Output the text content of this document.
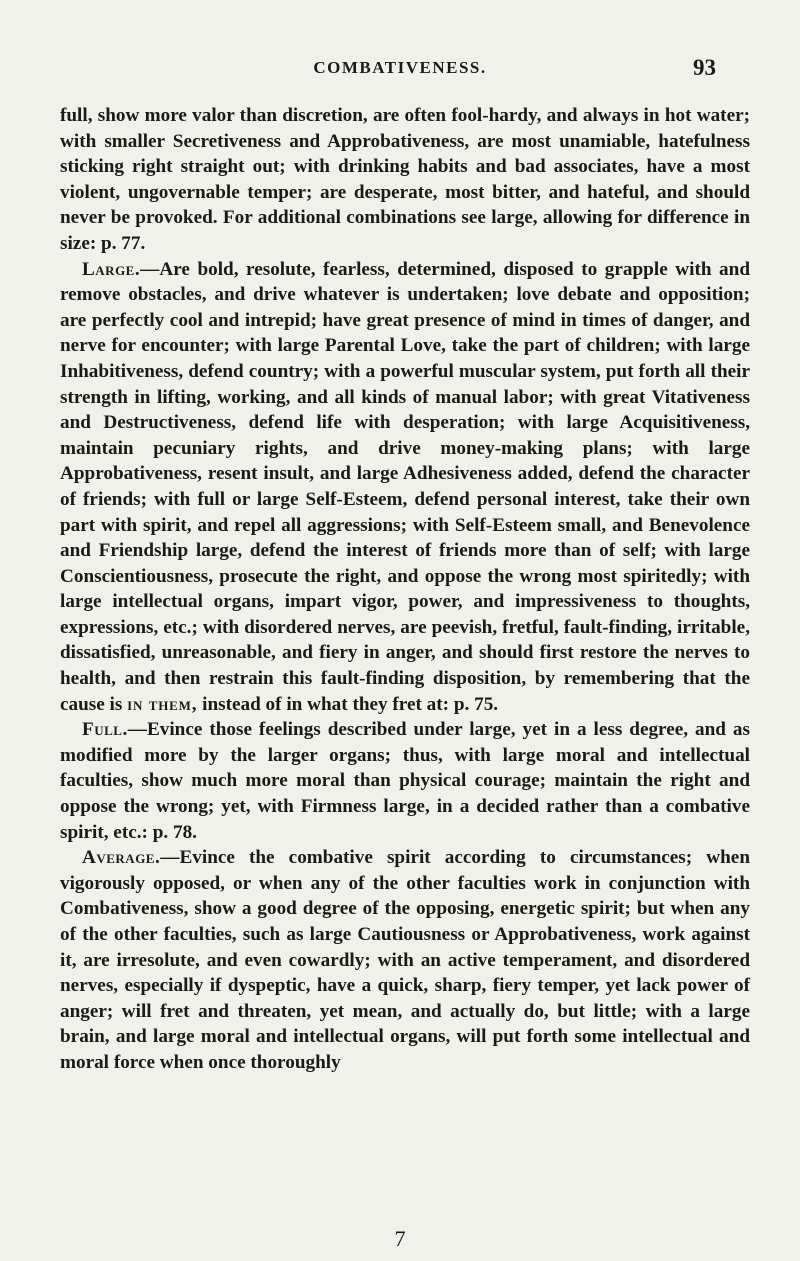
COMBATIVENESS.	93

full, show more valor than discretion, are often fool-hardy, and always in hot water; with smaller Secretiveness and Approbativeness, are most unamiable, hatefulness sticking right straight out; with drinking habits and bad associates, have a most violent, ungovernable temper; are desperate, most bitter, and hateful, and should never be provoked. For additional combinations see large, allowing for difference in size: p. 77.

Large.—Are bold, resolute, fearless, determined, disposed to grapple with and remove obstacles, and drive whatever is undertaken; love debate and opposition; are perfectly cool and intrepid; have great presence of mind in times of danger, and nerve for encounter; with large Parental Love, take the part of children; with large Inhabitiveness, defend country; with a powerful muscular system, put forth all their strength in lifting, working, and all kinds of manual labor; with great Vitativeness and Destructiveness, defend life with desperation; with large Acquisitiveness, maintain pecuniary rights, and drive money-making plans; with large Approbativeness, resent insult, and large Adhesiveness added, defend the character of friends; with full or large Self-Esteem, defend personal interest, take their own part with spirit, and repel all aggressions; with Self-Esteem small, and Benevolence and Friendship large, defend the interest of friends more than of self; with large Conscientiousness, prosecute the right, and oppose the wrong most spiritedly; with large intellectual organs, impart vigor, power, and impressiveness to thoughts, expressions, etc.; with disordered nerves, are peevish, fretful, fault-finding, irritable, dissatisfied, unreasonable, and fiery in anger, and should first restore the nerves to health, and then restrain this fault-finding disposition, by remembering that the cause is in them, instead of in what they fret at: p. 75.

Full.—Evince those feelings described under large, yet in a less degree, and as modified more by the larger organs; thus, with large moral and intellectual faculties, show much more moral than physical courage; maintain the right and oppose the wrong; yet, with Firmness large, in a decided rather than a combative spirit, etc.: p. 78.

Average.—Evince the combative spirit according to circumstances; when vigorously opposed, or when any of the other faculties work in conjunction with Combativeness, show a good degree of the opposing, energetic spirit; but when any of the other faculties, such as large Cautiousness or Approbativeness, work against it, are irresolute, and even cowardly; with an active temperament, and disordered nerves, especially if dyspeptic, have a quick, sharp, fiery temper, yet lack power of anger; will fret and threaten, yet mean, and actually do, but little; with a large brain, and large moral and intellectual organs, will put forth some intellectual and moral force when once thoroughly

7
